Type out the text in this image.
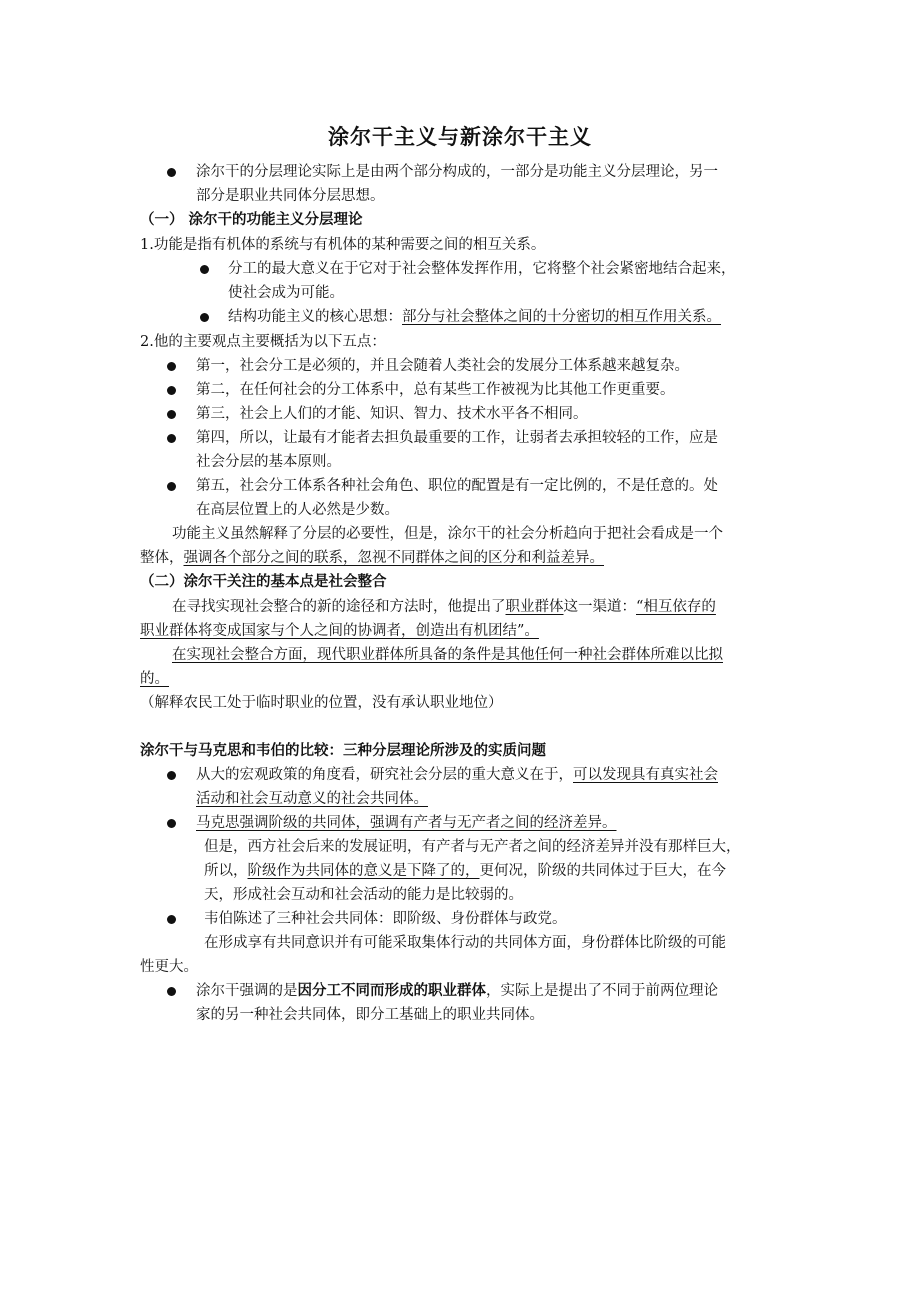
涂尔干主义与新涂尔干主义
涂尔干的分层理论实际上是由两个部分构成的，一部分是功能主义分层理论，另一
部分是职业共同体分层思想。
（一） 涂尔干的功能主义分层理论
1.功能是指有机体的系统与有机体的某种需要之间的相互关系。
分工的最大意义在于它对于社会整体发挥作用，它将整个社会紧密地结合起来，
使社会成为可能。
结构功能主义的核心思想：部分与社会整体之间的十分密切的相互作用关系。
2.他的主要观点主要概括为以下五点：
第一，社会分工是必须的，并且会随着人类社会的发展分工体系越来越复杂。
第二，在任何社会的分工体系中，总有某些工作被视为比其他工作更重要。
第三，社会上人们的才能、知识、智力、技术水平各不相同。
第四，所以，让最有才能者去担负最重要的工作，让弱者去承担较轻的工作，应是
社会分层的基本原则。
第五，社会分工体系各种社会角色、职位的配置是有一定比例的，不是任意的。处
在高层位置上的人必然是少数。
功能主义虽然解释了分层的必要性，但是，涂尔干的社会分析趋向于把社会看成是一个
整体，强调各个部分之间的联系，忽视不同群体之间的区分和利益差异。
（二）涂尔干关注的基本点是社会整合
在寻找实现社会整合的新的途径和方法时，他提出了职业群体这一渠道：“相互依存的
职业群体将变成国家与个人之间的协调者，创造出有机团结”。
在实现社会整合方面，现代职业群体所具备的条件是其他任何一种社会群体所难以比拟
的。
（解释农民工处于临时职业的位置，没有承认职业地位）
涂尔干与马克思和韦伯的比较：三种分层理论所涉及的实质问题
从大的宏观政策的角度看，研究社会分层的重大意义在于，可以发现具有真实社会
活动和社会互动意义的社会共同体。
马克思强调阶级的共同体，强调有产者与无产者之间的经济差异。
但是，西方社会后来的发展证明，有产者与无产者之间的经济差异并没有那样巨大，
所以，阶级作为共同体的意义是下降了的，更何况，阶级的共同体过于巨大，在今
天，形成社会互动和社会活动的能力是比较弱的。
韦伯陈述了三种社会共同体：即阶级、身份群体与政党。
在形成享有共同意识并有可能采取集体行动的共同体方面，身份群体比阶级的可能
性更大。
涂尔干强调的是因分工不同而形成的职业群体，实际上是提出了不同于前两位理论
家的另一种社会共同体，即分工基础上的职业共同体。
